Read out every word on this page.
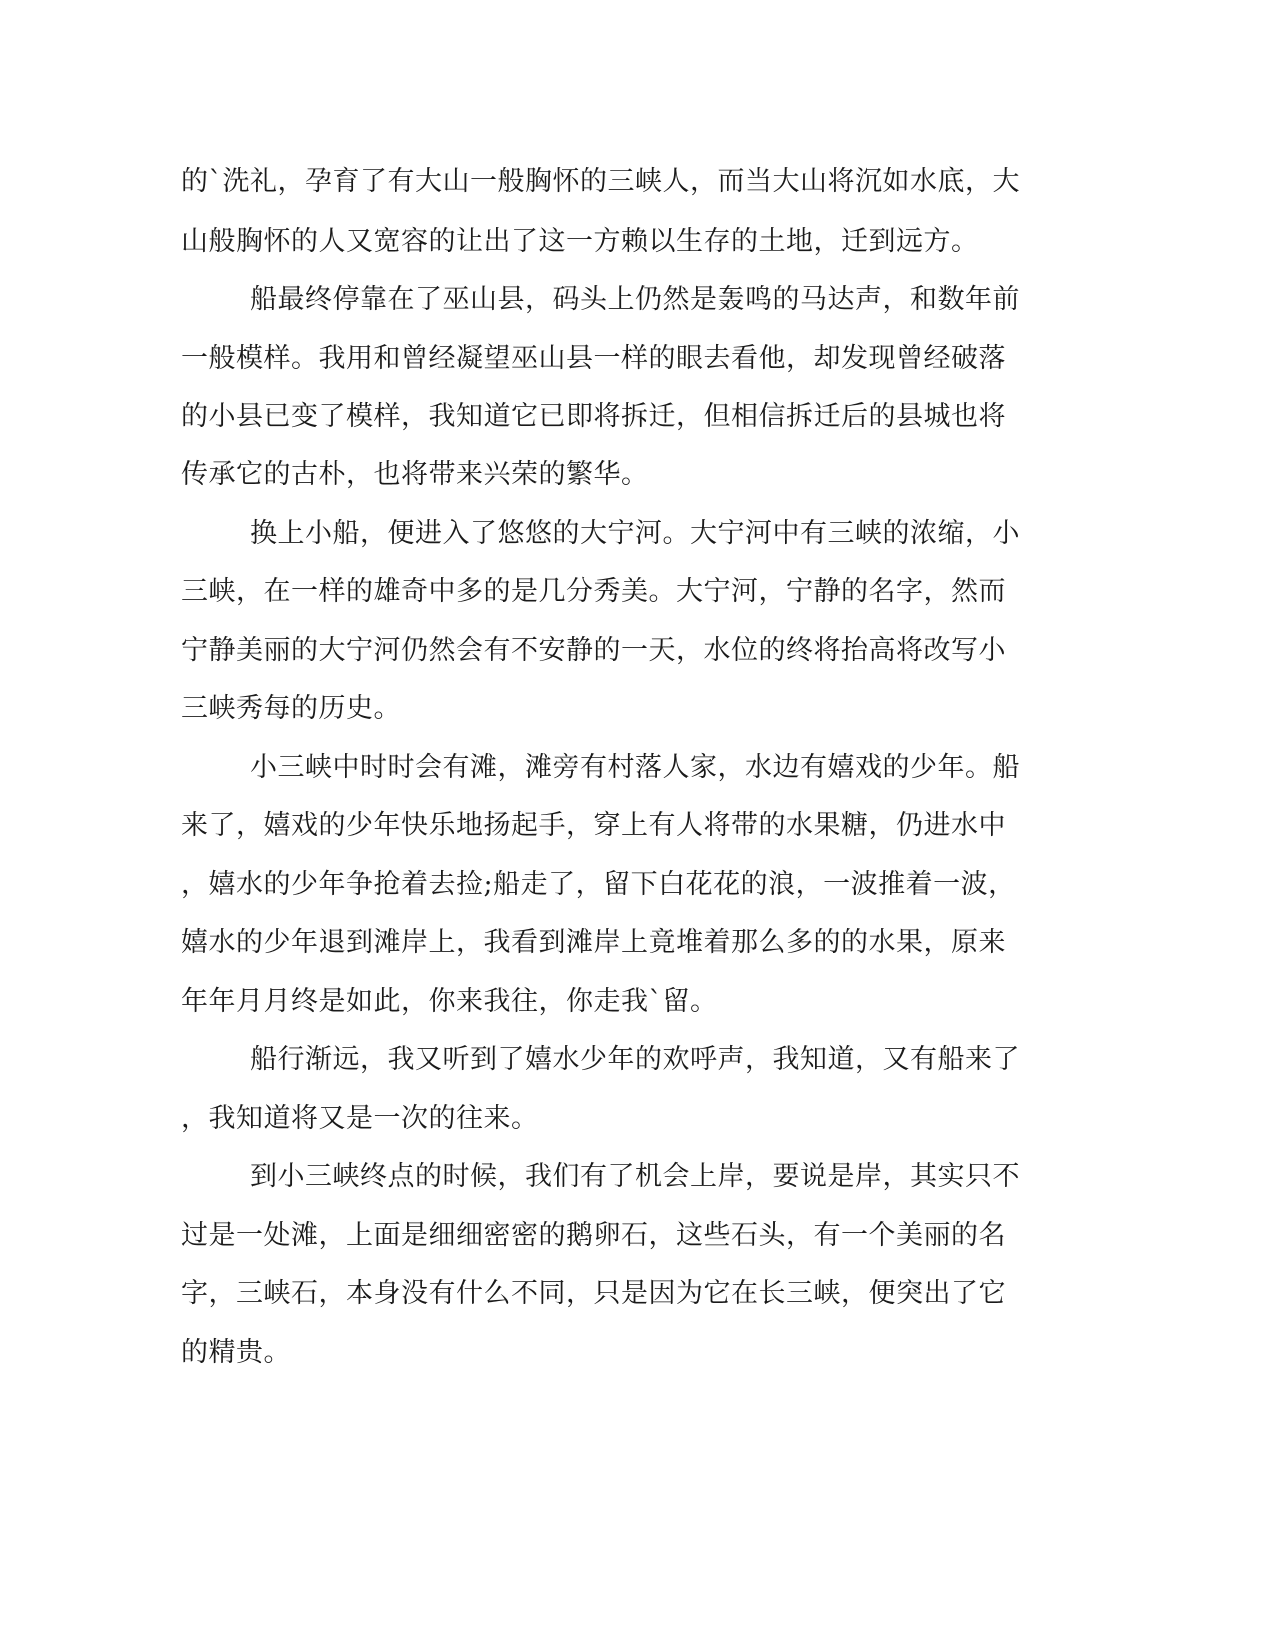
的`洗礼，孕育了有大山一般胸怀的三峡人，而当大山将沉如水底，大
山般胸怀的人又宽容的让出了这一方赖以生存的土地，迁到远方。
船最终停靠在了巫山县，码头上仍然是轰鸣的马达声，和数年前
一般模样。我用和曾经凝望巫山县一样的眼去看他，却发现曾经破落
的小县已变了模样，我知道它已即将拆迁，但相信拆迁后的县城也将
传承它的古朴，也将带来兴荣的繁华。
换上小船，便进入了悠悠的大宁河。大宁河中有三峡的浓缩，小
三峡，在一样的雄奇中多的是几分秀美。大宁河，宁静的名字，然而
宁静美丽的大宁河仍然会有不安静的一天，水位的终将抬高将改写小
三峡秀每的历史。
小三峡中时时会有滩，滩旁有村落人家，水边有嬉戏的少年。船
来了，嬉戏的少年快乐地扬起手，穿上有人将带的水果糖，仍进水中
，嬉水的少年争抢着去捡;船走了，留下白花花的浪，一波推着一波，
嬉水的少年退到滩岸上，我看到滩岸上竟堆着那么多的的水果，原来
年年月月终是如此，你来我往，你走我`留。
船行渐远，我又听到了嬉水少年的欢呼声，我知道，又有船来了
，我知道将又是一次的往来。
到小三峡终点的时候，我们有了机会上岸，要说是岸，其实只不
过是一处滩，上面是细细密密的鹅卵石，这些石头，有一个美丽的名
字，三峡石，本身没有什么不同，只是因为它在长三峡，便突出了它
的精贵。
